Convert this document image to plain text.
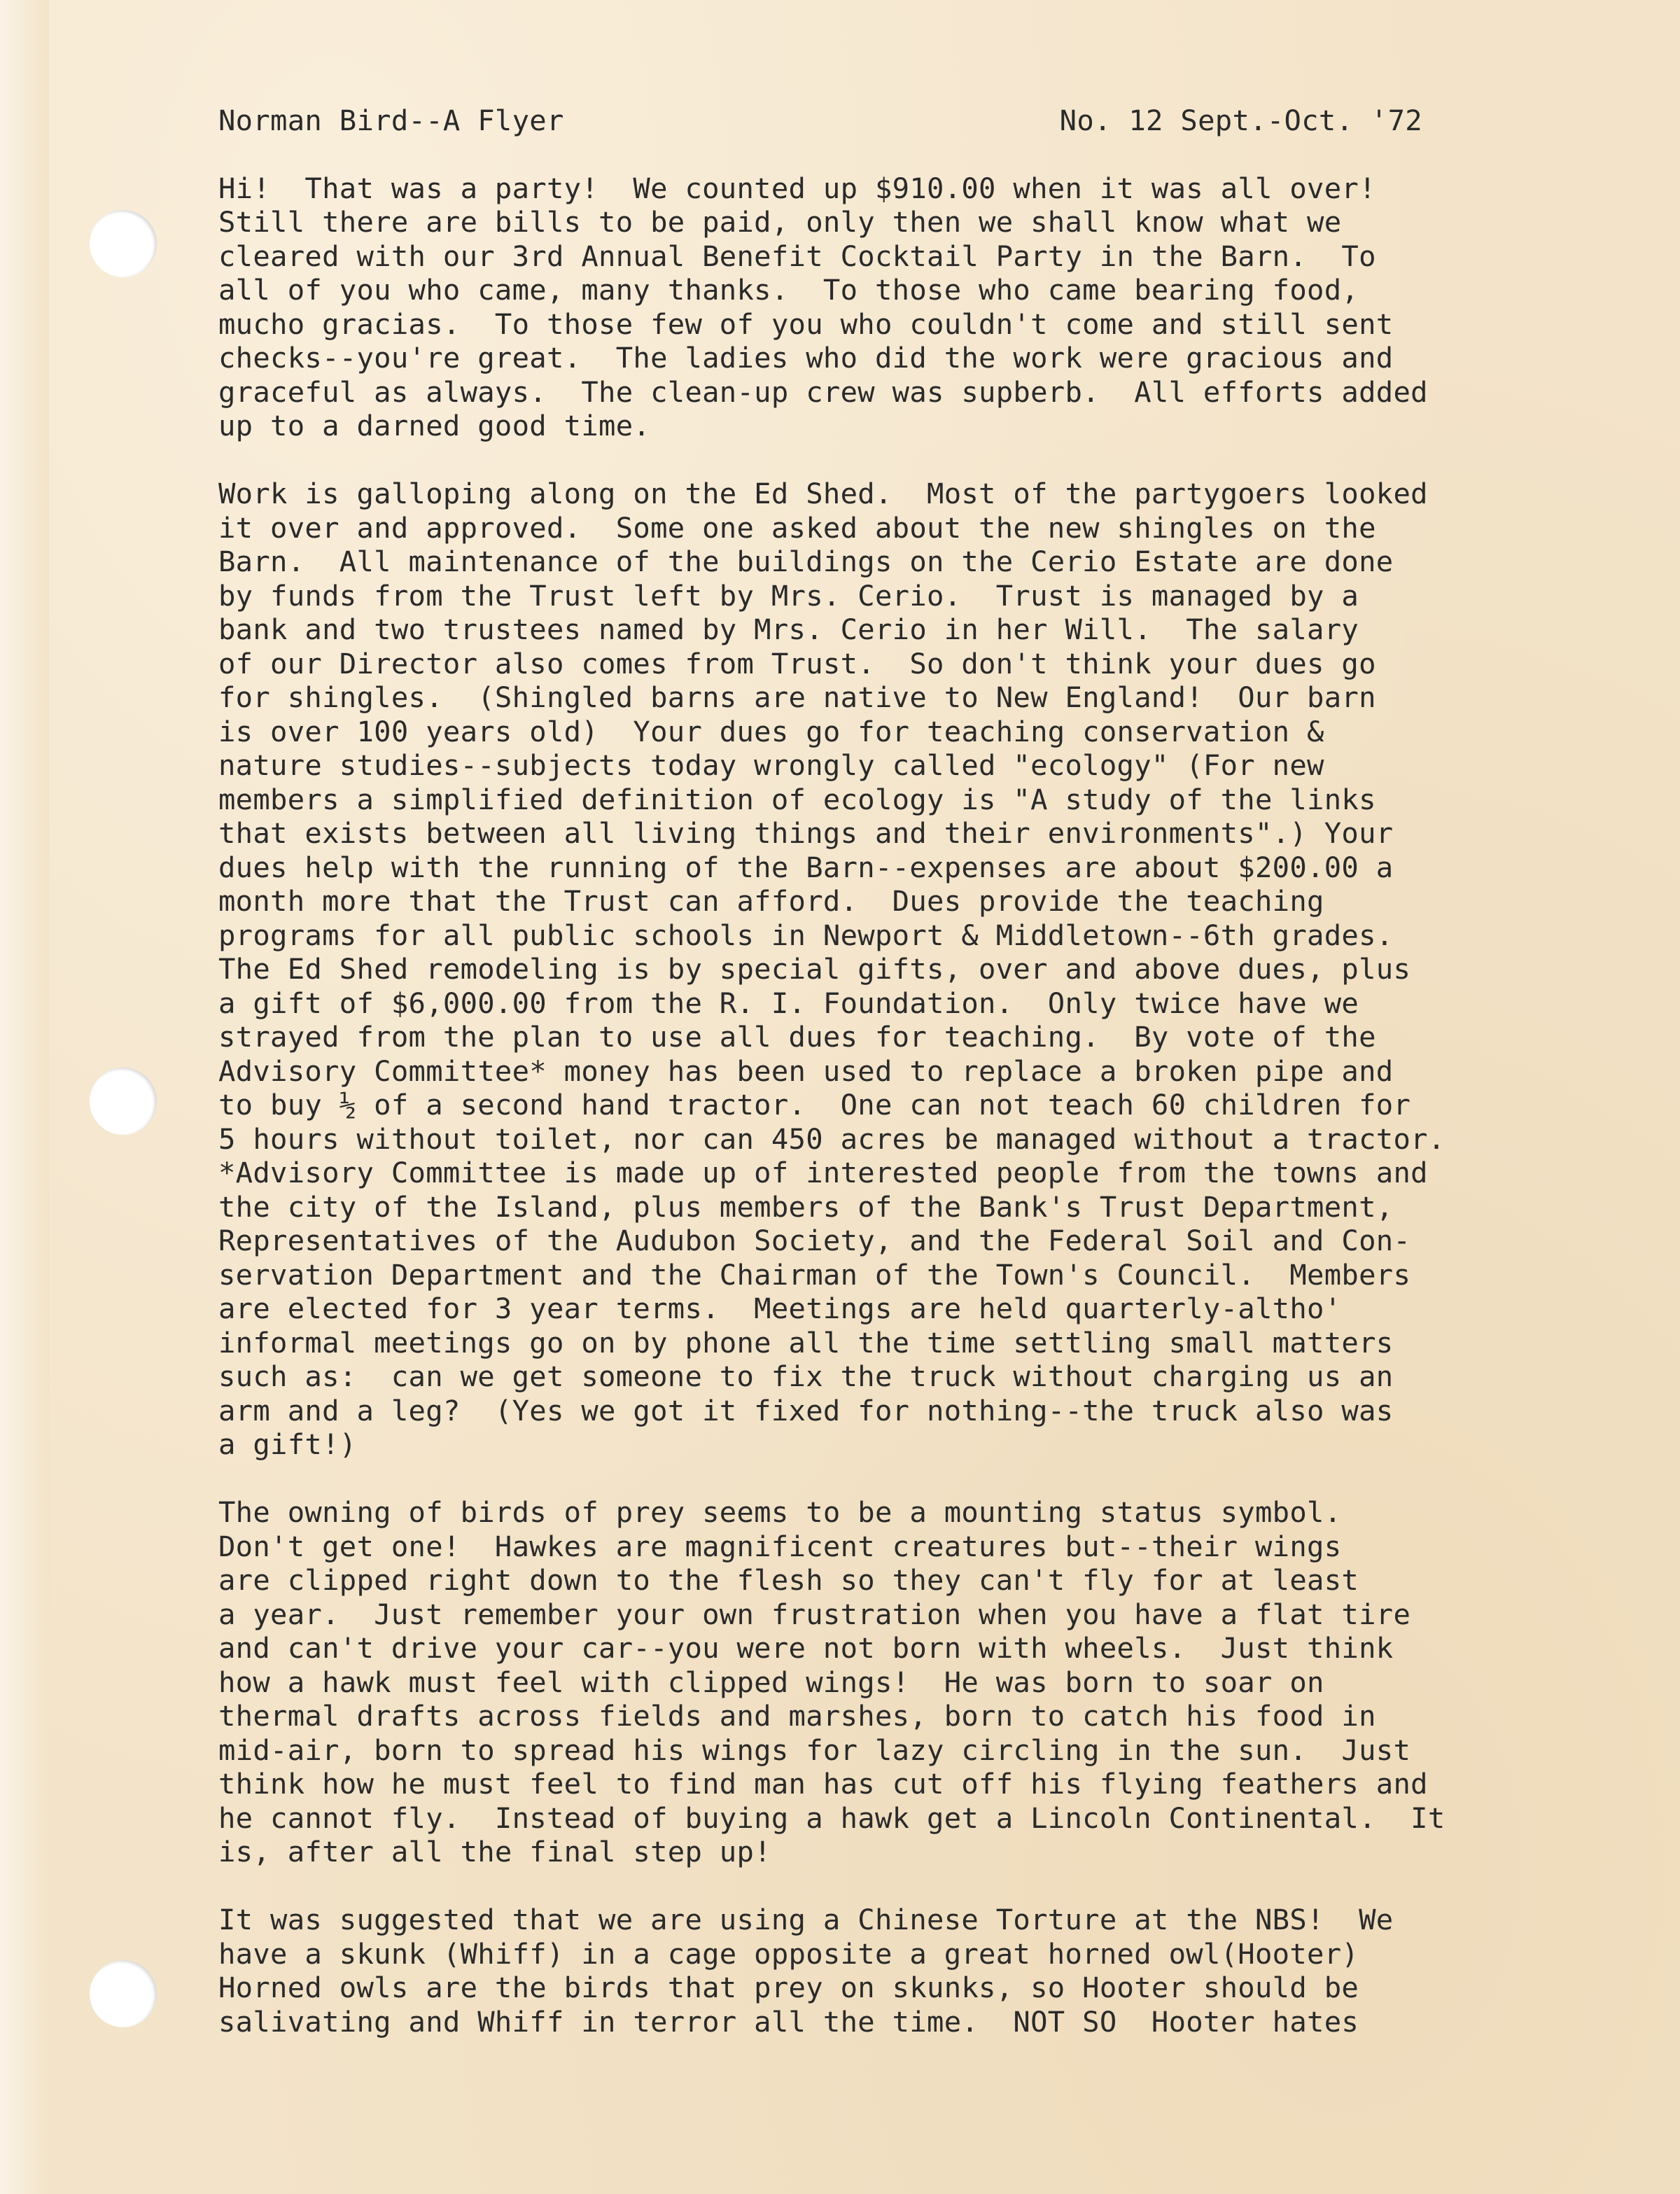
Norman Bird--A Flyer	No. 12 Sept.-Oct. '72
Hi!  That was a party!  We counted up $910.00 when it was all over!
Still there are bills to be paid, only then we shall know what we
cleared with our 3rd Annual Benefit Cocktail Party in the Barn.  To
all of you who came, many thanks.  To those who came bearing food,
mucho gracias.  To those few of you who couldn't come and still sent
checks--you're great.  The ladies who did the work were gracious and
graceful as always.  The clean-up crew was supberb.  All efforts added
up to a darned good time.
Work is galloping along on the Ed Shed.  Most of the partygoers looked
it over and approved.  Some one asked about the new shingles on the
Barn.  All maintenance of the buildings on the Cerio Estate are done
by funds from the Trust left by Mrs. Cerio.  Trust is managed by a
bank and two trustees named by Mrs. Cerio in her Will.  The salary
of our Director also comes from Trust.  So don't think your dues go
for shingles.  (Shingled barns are native to New England!  Our barn
is over 100 years old)  Your dues go for teaching conservation &
nature studies--subjects today wrongly called "ecology" (For new
members a simplified definition of ecology is "A study of the links
that exists between all living things and their environments".) Your
dues help with the running of the Barn--expenses are about $200.00 a
month more that the Trust can afford.  Dues provide the teaching
programs for all public schools in Newport & Middletown--6th grades.
The Ed Shed remodeling is by special gifts, over and above dues, plus
a gift of $6,000.00 from the R. I. Foundation.  Only twice have we
strayed from the plan to use all dues for teaching.  By vote of the
Advisory Committee* money has been used to replace a broken pipe and
to buy ½ of a second hand tractor.  One can not teach 60 children for
5 hours without toilet, nor can 450 acres be managed without a tractor.
*Advisory Committee is made up of interested people from the towns and
the city of the Island, plus members of the Bank's Trust Department,
Representatives of the Audubon Society, and the Federal Soil and Con-
servation Department and the Chairman of the Town's Council.  Members
are elected for 3 year terms.  Meetings are held quarterly-altho'
informal meetings go on by phone all the time settling small matters
such as:  can we get someone to fix the truck without charging us an
arm and a leg?  (Yes we got it fixed for nothing--the truck also was
a gift!)
The owning of birds of prey seems to be a mounting status symbol.
Don't get one!  Hawkes are magnificent creatures but--their wings
are clipped right down to the flesh so they can't fly for at least
a year.  Just remember your own frustration when you have a flat tire
and can't drive your car--you were not born with wheels.  Just think
how a hawk must feel with clipped wings!  He was born to soar on
thermal drafts across fields and marshes, born to catch his food in
mid-air, born to spread his wings for lazy circling in the sun.  Just
think how he must feel to find man has cut off his flying feathers and
he cannot fly.  Instead of buying a hawk get a Lincoln Continental.  It
is, after all the final step up!
It was suggested that we are using a Chinese Torture at the NBS!  We
have a skunk (Whiff) in a cage opposite a great horned owl(Hooter)
Horned owls are the birds that prey on skunks, so Hooter should be
salivating and Whiff in terror all the time.  NOT SO  Hooter hates
